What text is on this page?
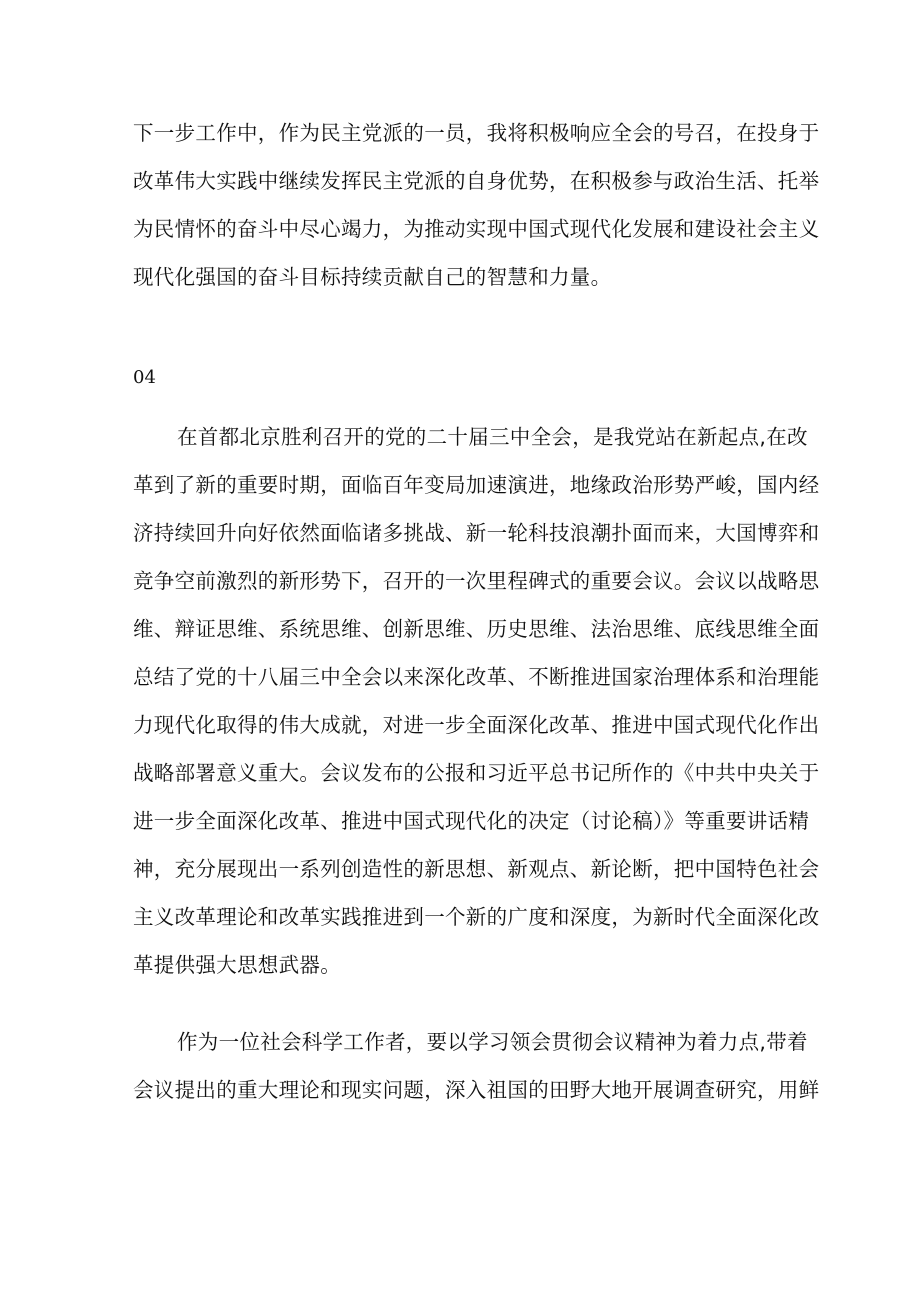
下一步工作中，作为民主党派的一员，我将积极响应全会的号召，在投身于
改革伟大实践中继续发挥民主党派的自身优势，在积极参与政治生活、托举
为民情怀的奋斗中尽心竭力，为推动实现中国式现代化发展和建设社会主义
现代化强国的奋斗目标持续贡献自己的智慧和力量。
04
在首都北京胜利召开的党的二十届三中全会，是我党站在新起点,在改
革到了新的重要时期，面临百年变局加速演进，地缘政治形势严峻，国内经
济持续回升向好依然面临诸多挑战、新一轮科技浪潮扑面而来，大国博弈和
竞争空前激烈的新形势下，召开的一次里程碑式的重要会议。会议以战略思
维、辩证思维、系统思维、创新思维、历史思维、法治思维、底线思维全面
总结了党的十八届三中全会以来深化改革、不断推进国家治理体系和治理能
力现代化取得的伟大成就，对进一步全面深化改革、推进中国式现代化作出
战略部署意义重大。会议发布的公报和习近平总书记所作的《中共中央关于
进一步全面深化改革、推进中国式现代化的决定（讨论稿）》等重要讲话精
神，充分展现出一系列创造性的新思想、新观点、新论断，把中国特色社会
主义改革理论和改革实践推进到一个新的广度和深度，为新时代全面深化改
革提供强大思想武器。
作为一位社会科学工作者，要以学习领会贯彻会议精神为着力点,带着
会议提出的重大理论和现实问题，深入祖国的田野大地开展调查研究，用鲜
